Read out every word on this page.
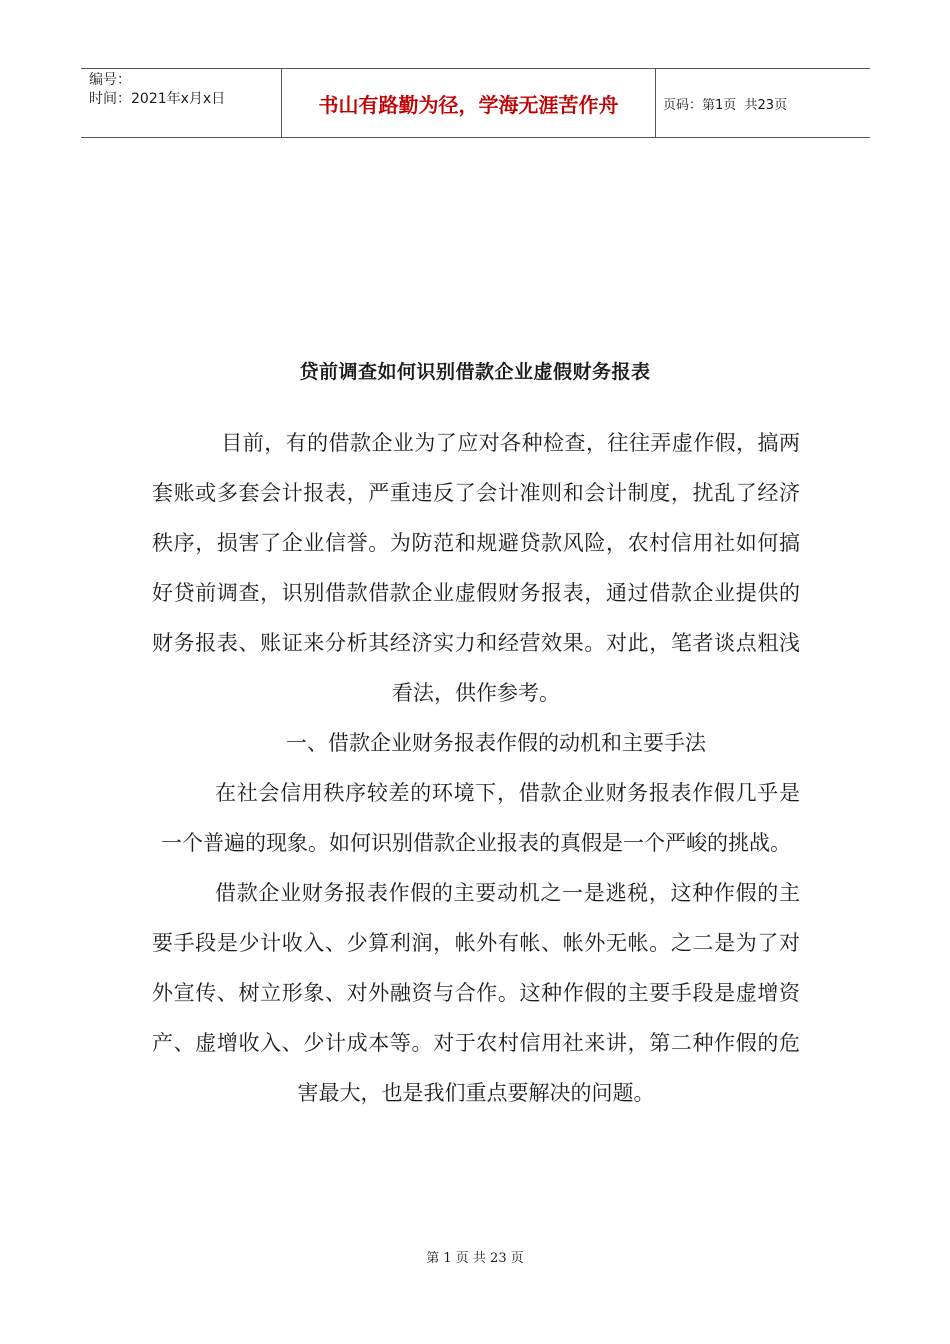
编号：
时间：2021年x月x日	书山有路勤为径，学海无涯苦作舟	页码：第1页  共23页
贷前调查如何识别借款企业虚假财务报表

目前，有的借款企业为了应对各种检查，往往弄虚作假，搞两套账或多套会计报表，严重违反了会计准则和会计制度，扰乱了经济秩序，损害了企业信誉。为防范和规避贷款风险，农村信用社如何搞好贷前调查，识别借款借款企业虚假财务报表，通过借款企业提供的财务报表、账证来分析其经济实力和经营效果。对此，笔者谈点粗浅看法，供作参考。

一、借款企业财务报表作假的动机和主要手法

在社会信用秩序较差的环境下，借款企业财务报表作假几乎是一个普遍的现象。如何识别借款企业报表的真假是一个严峻的挑战。

借款企业财务报表作假的主要动机之一是逃税，这种作假的主要手段是少计收入、少算利润，帐外有帐、帐外无帐。之二是为了对外宣传、树立形象、对外融资与合作。这种作假的主要手段是虚增资产、虚增收入、少计成本等。对于农村信用社来讲，第二种作假的危害最大，也是我们重点要解决的问题。

第 1 页 共 23 页
